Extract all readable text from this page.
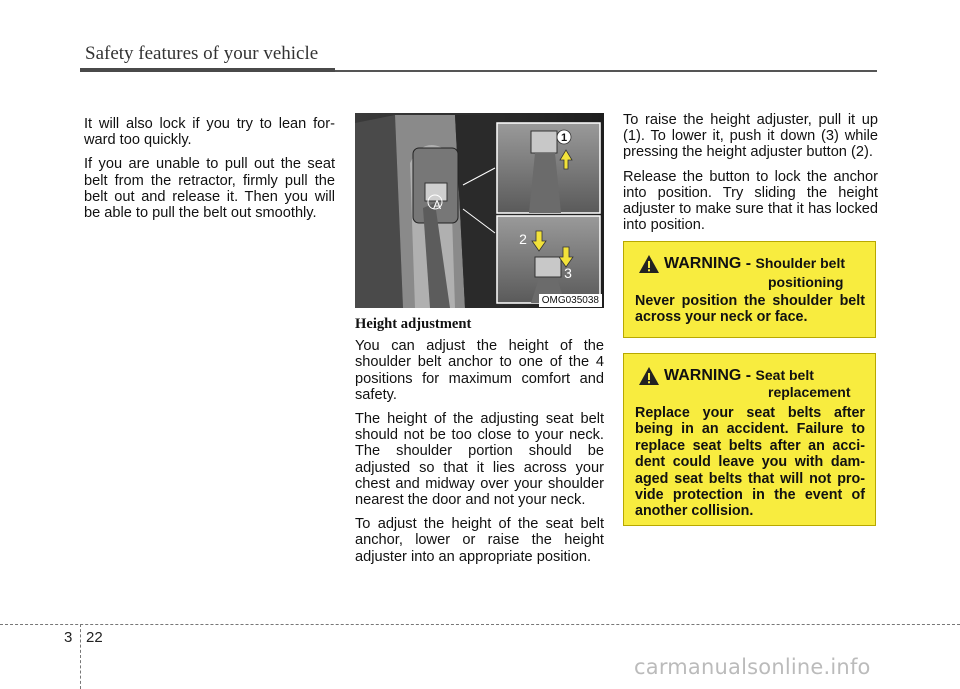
Safety features of your vehicle

It will also lock if you try to lean for-ward too quickly.

If you are unable to pull out the seat belt from the retractor, firmly pull the belt out and release it. Then you will be able to pull the belt out smoothly.

1
2
3
A
OMG035038

Height adjustment

You can adjust the height of the shoulder belt anchor to one of the 4 positions for maximum comfort and safety.

The height of the adjusting seat belt should not be too close to your neck. The shoulder portion should be adjusted so that it lies across your chest and midway over your shoulder nearest the door and not your neck.

To adjust the height of the seat belt anchor, lower or raise the height adjuster into an appropriate position.

To raise the height adjuster, pull it up (1). To lower it, push it down (3) while pressing the height adjuster button (2).

Release the button to lock the anchor into position. Try sliding the height adjuster to make sure that it has locked into position.

WARNING - Shoulder belt
positioning
Never position the shoulder belt across your neck or face.
WARNING - Seat belt
replacement
Replace your seat belts after being in an accident. Failure to replace seat belts after an acci-dent could leave you with dam-aged seat belts that will not pro-vide protection in the event of another collision.
3 22
carmanualsonline.info
